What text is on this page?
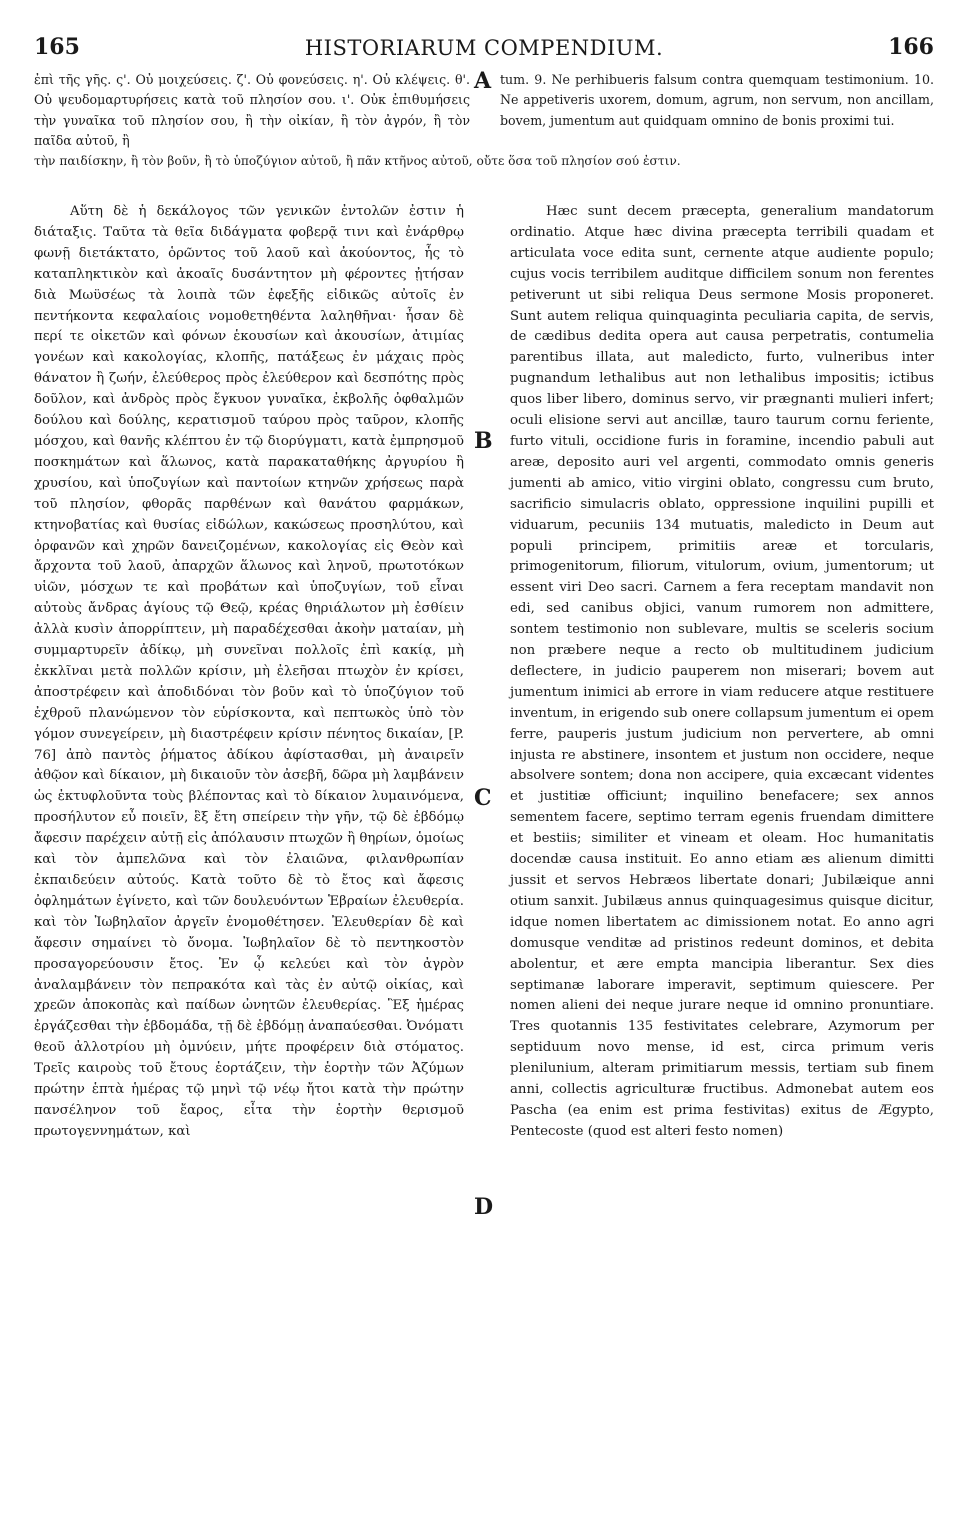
165	HISTORIARUM COMPENDIUM.	166
ἐπὶ τῆς γῆς. ς'. Οὐ μοιχεύσεις. ζ'. Οὐ φονεύσεις. η'. Οὐ κλέψεις. θ'. Οὐ ψευδομαρτυρήσεις κατὰ τοῦ πλησίον σου. ι'. Οὐκ ἐπιθυμήσεις τὴν γυναῖκα τοῦ πλησίον σου, ἢ τὴν οἰκίαν, ἢ τὸν ἀγρόν, ἢ τὸν παῖδα αὐτοῦ, ἢ
A tum. 9. Ne perhibueris falsum contra quemquam testimonium. 10. Ne appetiveris uxorem, domum, agrum, non servum, non ancillam, bovem, jumentum aut quidquam omnino de bonis proximi tui.
τὴν παιδίσκην, ἢ τὸν βοῦν, ἢ τὸ ὑποζύγιον αὐτοῦ, ἢ πᾶν κτῆνος αὐτοῦ, οὔτε ὅσα τοῦ πλησίον σού ἐστιν.

Αὕτη δὲ ἡ δεκάλογος τῶν γενικῶν ἐντολῶν ἐστιν ἡ διάταξις. Ταῦτα τὰ θεῖα διδάγματα φοβερᾷ τινι καὶ ἐνάρθρῳ φωνῇ διετάκτατο, ὁρῶντος τοῦ λαοῦ καὶ ἀκούοντος, ἧς τὸ καταπληκτικὸν καὶ ἀκοαῖς δυσάντητον μὴ φέροντες ᾐτήσαν διὰ Μωϋσέως τὰ λοιπὰ τῶν ἐφεξῆς εἰδικῶς αὐτοῖς ἐν πεντήκοντα κεφαλαίοις νομοθετηθέντα λαληθῆναι· ἦσαν δὲ περί τε οἰκετῶν καὶ φόνων ἑκουσίων καὶ ἀκουσίων, ἀτιμίας γονέων καὶ κακολογίας, κλοπῆς, πατάξεως ἐν μάχαις πρὸς θάνατον ἢ ζωήν, ἐλεύθερος πρὸς ἐλεύθερον καὶ δεσπότης πρὸς δοῦλον, καὶ ἀνδρὸς πρὸς ἔγκυον γυναῖκα, ἐκβολῆς ὀφθαλμῶν δούλου καὶ δούλης, κερατισμοῦ ταύρου πρὸς ταῦρον, κλοπῆς μόσχου, καὶ θανῆς κλέπτου ἐν τῷ διορύγματι, κατὰ ἐμπρησμοῦ ποσκημάτων καὶ ἅλωνος, κατὰ παρακαταθήκης ἀργυρίου ἢ χρυσίου, καὶ ὑποζυγίων καὶ παντοίων κτηνῶν χρήσεως παρὰ τοῦ πλησίον, φθορᾶς παρθένων καὶ θανάτου φαρμάκων, κτηνοβατίας καὶ θυσίας εἰδώλων, κακώσεως προσηλύτου, καὶ ὀρφανῶν καὶ χηρῶν δανειζομένων, κακολογίας εἰς Θεὸν καὶ ἄρχοντα τοῦ λαοῦ, ἀπαρχῶν ἅλωνος καὶ ληνοῦ, πρωτοτόκων υἱῶν, μόσχων τε καὶ προβάτων καὶ ὑποζυγίων, τοῦ εἶναι αὐτοὺς ἄνδρας ἁγίους τῷ Θεῷ, κρέας θηριάλωτον μὴ ἐσθίειν ἀλλὰ κυσὶν ἀπορρίπτειν, μὴ παραδέχεσθαι ἀκοὴν ματαίαν, μὴ συμμαρτυρεῖν ἀδίκῳ, μὴ συνεῖναι πολλοῖς ἐπὶ κακίᾳ, μὴ ἐκκλῖναι μετὰ πολλῶν κρίσιν, μὴ ἐλεῆσαι πτωχὸν ἐν κρίσει, ἀποστρέφειν καὶ ἀποδιδόναι τὸν βοῦν καὶ τὸ ὑποζύγιον τοῦ ἐχθροῦ πλανώμενον τὸν εὑρίσκοντα, καὶ πεπτωκὸς ὑπὸ τὸν γόμον συνεγείρειν, μὴ διαστρέφειν κρίσιν πένητος δικαίαν, [P. 76] ἀπὸ παντὸς ῥήματος ἀδίκου ἀφίστασθαι, μὴ ἀναιρεῖν ἀθῷον καὶ δίκαιον, μὴ δικαιοῦν τὸν ἀσεβῆ, δῶρα μὴ λαμβάνειν ὡς ἐκτυφλοῦντα τοὺς βλέποντας καὶ τὸ δίκαιον λυμαινόμενα, προσήλυτον εὖ ποιεῖν, ἓξ ἔτη σπείρειν τὴν γῆν, τῷ δὲ ἑβδόμῳ ἄφεσιν παρέχειν αὐτῇ εἰς ἀπόλαυσιν πτωχῶν ἢ θηρίων, ὁμοίως καὶ τὸν ἀμπελῶνα καὶ τὸν ἐλαιῶνα, φιλανθρωπίαν ἐκπαιδεύειν αὐτούς. Κατὰ τοῦτο δὲ τὸ ἔτος καὶ ἄφεσις ὀφλημάτων ἐγίνετο, καὶ τῶν δουλευόντων Ἑβραίων ἐλευθερία. καὶ τὸν Ἰωβηλαῖον ἀργεῖν ἐνομοθέτησεν. Ἐλευθερίαν δὲ καὶ ἄφεσιν σημαίνει τὸ ὄνομα. Ἰωβηλαῖον δὲ τὸ πεντηκοστὸν προσαγορεύουσιν ἔτος. Ἐν ᾧ κελεύει καὶ τὸν ἀγρὸν ἀναλαμβάνειν τὸν πεπρακότα καὶ τὰς ἐν αὐτῷ οἰκίας, καὶ χρεῶν ἀποκοπὰς καὶ παίδων ὠνητῶν ἐλευθερίας. Ἓξ ἡμέρας ἐργάζεσθαι τὴν ἑβδομάδα, τῇ δὲ ἑβδόμῃ ἀναπαύεσθαι. Ὀνόματι θεοῦ ἀλλοτρίου μὴ ὀμνύειν, μήτε προφέρειν διὰ στόματος. Τρεῖς καιροὺς τοῦ ἔτους ἑορτάζειν, τὴν ἑορτὴν τῶν Ἀζύμων πρώτην ἑπτὰ ἡμέρας τῷ μηνὶ τῷ νέῳ ἤτοι κατὰ τὴν πρώτην πανσέληνον τοῦ ἔαρος, εἶτα τὴν ἑορτὴν θερισμοῦ πρωτογεννημάτων, καὶ

B
C
D

Hæc sunt decem præcepta, generalium mandatorum ordinatio. Atque hæc divina præcepta terribili quadam et articulata voce edita sunt, cernente atque audiente populo; cujus vocis terribilem auditque difficilem sonum non ferentes petiverunt ut sibi reliqua Deus sermone Mosis proponeret. Sunt autem reliqua quinquaginta peculiaria capita, de servis, de cædibus dedita opera aut causa perpetratis, contumelia parentibus illata, aut maledicto, furto, vulneribus inter pugnandum lethalibus aut non lethalibus impositis; ictibus quos liber libero, dominus servo, vir prægnanti mulieri infert; oculi elisione servi aut ancillæ, tauro taurum cornu feriente, furto vituli, occidione furis in foramine, incendio pabuli aut areæ, deposito auri vel argenti, commodato omnis generis jumenti ab amico, vitio virgini oblato, congressu cum bruto, sacrificio simulacris oblato, oppressione inquilini pupilli et viduarum, pecuniis 134 mutuatis, maledicto in Deum aut populi principem, primitiis areæ et torcularis, primogenitorum, filiorum, vitulorum, ovium, jumentorum; ut essent viri Deo sacri. Carnem a fera receptam mandavit non edi, sed canibus objici, vanum rumorem non admittere, sontem testimonio non sublevare, multis se sceleris socium non præbere neque a recto ob multitudinem judicium deflectere, in judicio pauperem non miserari; bovem aut jumentum inimici ab errore in viam reducere atque restituere inventum, in erigendo sub onere collapsum jumentum ei opem ferre, pauperis justum judicium non pervertere, ab omni injusta re abstinere, insontem et justum non occidere, neque absolvere sontem; dona non accipere, quia excæcant videntes et justitiæ officiunt; inquilino benefacere; sex annos sementem facere, septimo terram egenis fruendam dimittere et bestiis; similiter et vineam et oleam. Hoc humanitatis docendæ causa instituit. Eo anno etiam æs alienum dimitti jussit et servos Hebræos libertate donari; Jubilæique anni otium sanxit. Jubilæus annus quinquagesimus quisque dicitur, idque nomen libertatem ac dimissionem notat. Eo anno agri domusque venditæ ad pristinos redeunt dominos, et debita abolentur, et ære empta mancipia liberantur. Sex dies septimanæ laborare imperavit, septimum quiescere. Per nomen alieni dei neque jurare neque id omnino pronuntiare. Tres quotannis 135 festivitates celebrare, Azymorum per septiduum novo mense, id est, circa primum veris plenilunium, alteram primitiarum messis, tertiam sub finem anni, collectis agriculturæ fructibus. Admonebat autem eos Pascha (ea enim est prima festivitas) exitus de Ægypto, Pentecoste (quod est alteri festo nomen)
